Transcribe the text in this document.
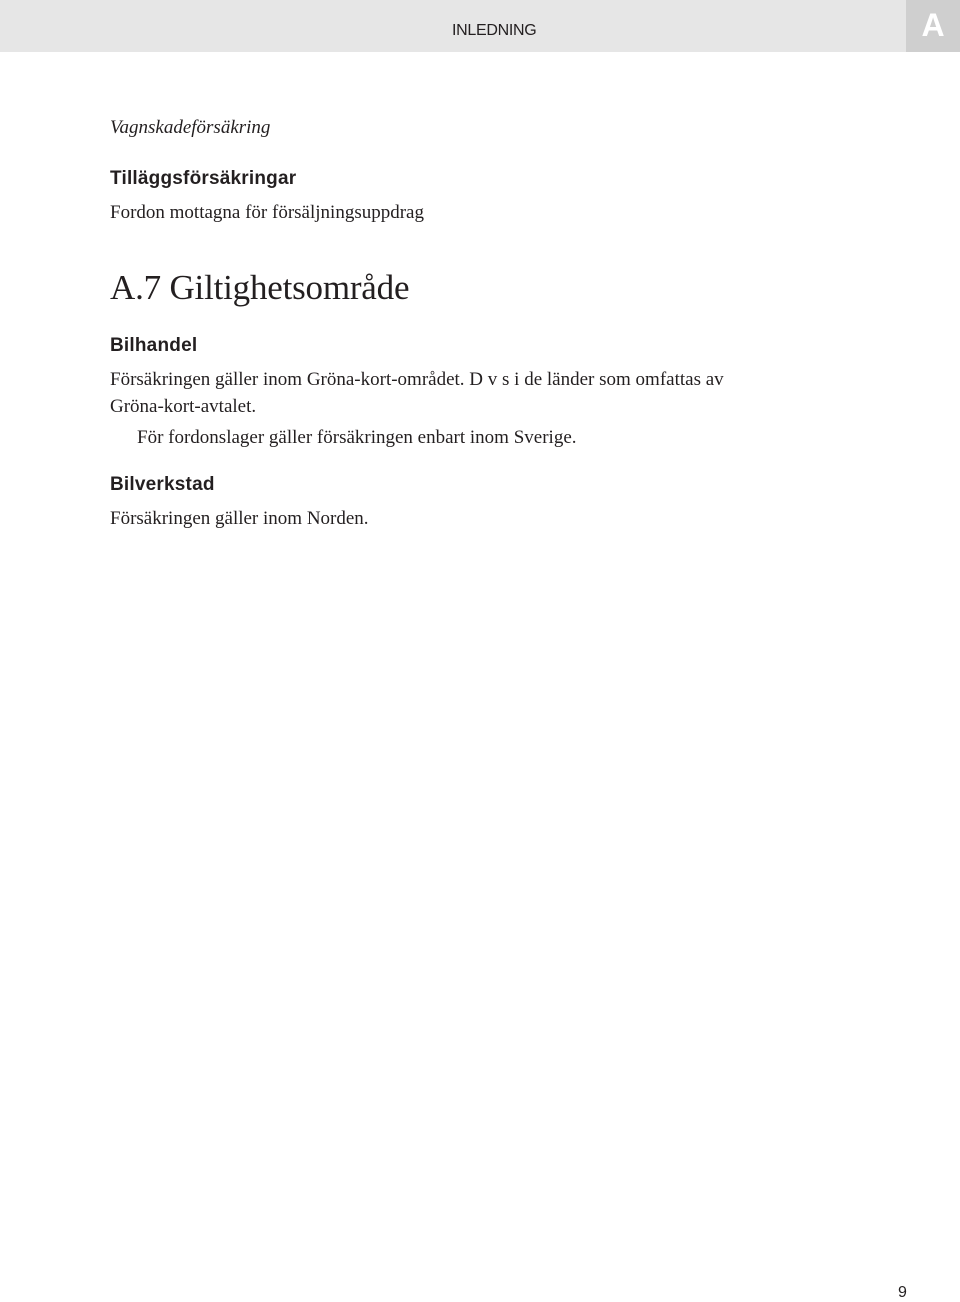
INLEDNING	A
Vagnskadeförsäkring
Tilläggsförsäkringar
Fordon mottagna för försäljningsuppdrag
A.7 Giltighetsområde
Bilhandel
Försäkringen gäller inom Gröna-kort-området. D v s i de länder som omfattas av
Gröna-kort-avtalet.
För fordonslager gäller försäkringen enbart inom Sverige.
Bilverkstad
Försäkringen gäller inom Norden.
9
